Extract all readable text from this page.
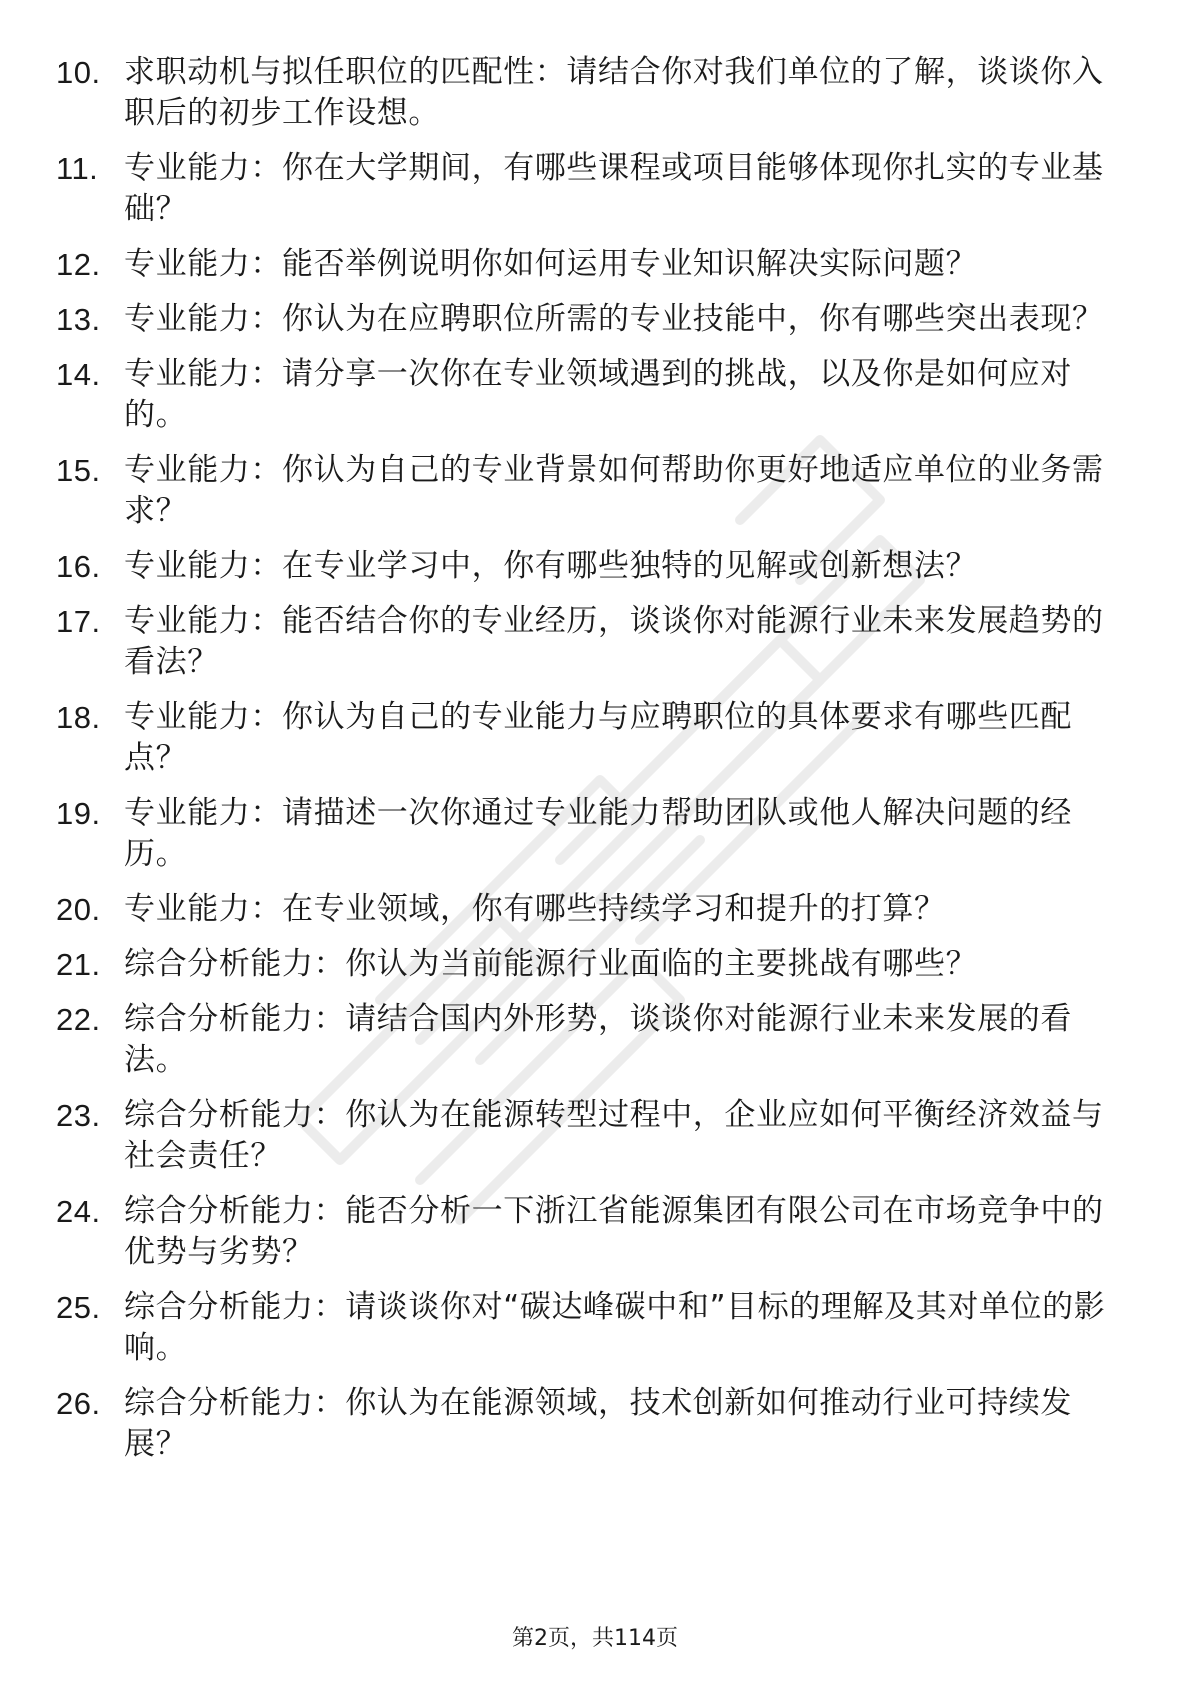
10. 求职动机与拟任职位的匹配性：请结合你对我们单位的了解，谈谈你入职后的初步工作设想。
11. 专业能力：你在大学期间，有哪些课程或项目能够体现你扎实的专业基础？
12. 专业能力：能否举例说明你如何运用专业知识解决实际问题？
13. 专业能力：你认为在应聘职位所需的专业技能中，你有哪些突出表现？
14. 专业能力：请分享一次你在专业领域遇到的挑战，以及你是如何应对的。
15. 专业能力：你认为自己的专业背景如何帮助你更好地适应单位的业务需求？
16. 专业能力：在专业学习中，你有哪些独特的见解或创新想法？
17. 专业能力：能否结合你的专业经历，谈谈你对能源行业未来发展趋势的看法？
18. 专业能力：你认为自己的专业能力与应聘职位的具体要求有哪些匹配点？
19. 专业能力：请描述一次你通过专业能力帮助团队或他人解决问题的经历。
20. 专业能力：在专业领域，你有哪些持续学习和提升的打算？
21. 综合分析能力：你认为当前能源行业面临的主要挑战有哪些？
22. 综合分析能力：请结合国内外形势，谈谈你对能源行业未来发展的看法。
23. 综合分析能力：你认为在能源转型过程中，企业应如何平衡经济效益与社会责任？
24. 综合分析能力：能否分析一下浙江省能源集团有限公司在市场竞争中的优势与劣势？
25. 综合分析能力：请谈谈你对“碳达峰碳中和”目标的理解及其对单位的影响。
26. 综合分析能力：你认为在能源领域，技术创新如何推动行业可持续发展？
第2页，共114页
